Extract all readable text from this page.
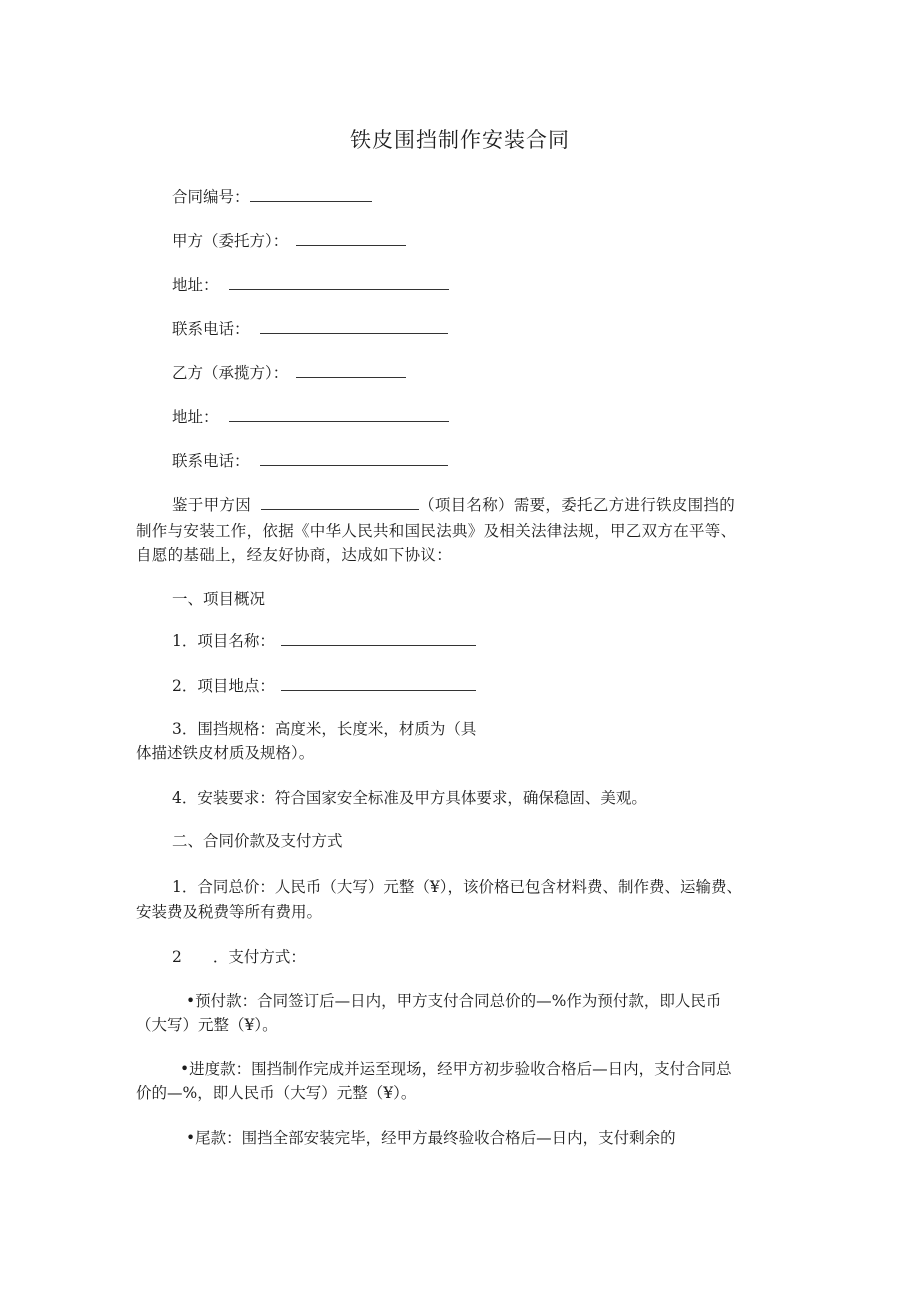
铁皮围挡制作安装合同
合同编号：
甲方（委托方）：
地址：
联系电话：
乙方（承揽方）：
地址：
联系电话：
鉴于甲方因	（项目名称）需要，委托乙方进行铁皮围挡的
制作与安装工作，依据《中华人民共和国民法典》及相关法律法规，甲乙双方在平等、
自愿的基础上，经友好协商，达成如下协议：
一、项目概况
1．项目名称：
2．项目地点：
3．围挡规格：高度米，长度米，材质为（具
体描述铁皮材质及规格）。
4．安装要求：符合国家安全标准及甲方具体要求，确保稳固、美观。
二、合同价款及支付方式
1．合同总价：人民币（大写）元整（¥），该价格已包含材料费、制作费、运输费、
安装费及税费等所有费用。
2　　．支付方式：
•预付款：合同签订后—日内，甲方支付合同总价的—%作为预付款，即人民币
（大写）元整（¥）。
•进度款：围挡制作完成并运至现场，经甲方初步验收合格后—日内，支付合同总
价的—%，即人民币（大写）元整（¥）。
•尾款：围挡全部安装完毕，经甲方最终验收合格后—日内，支付剩余的
